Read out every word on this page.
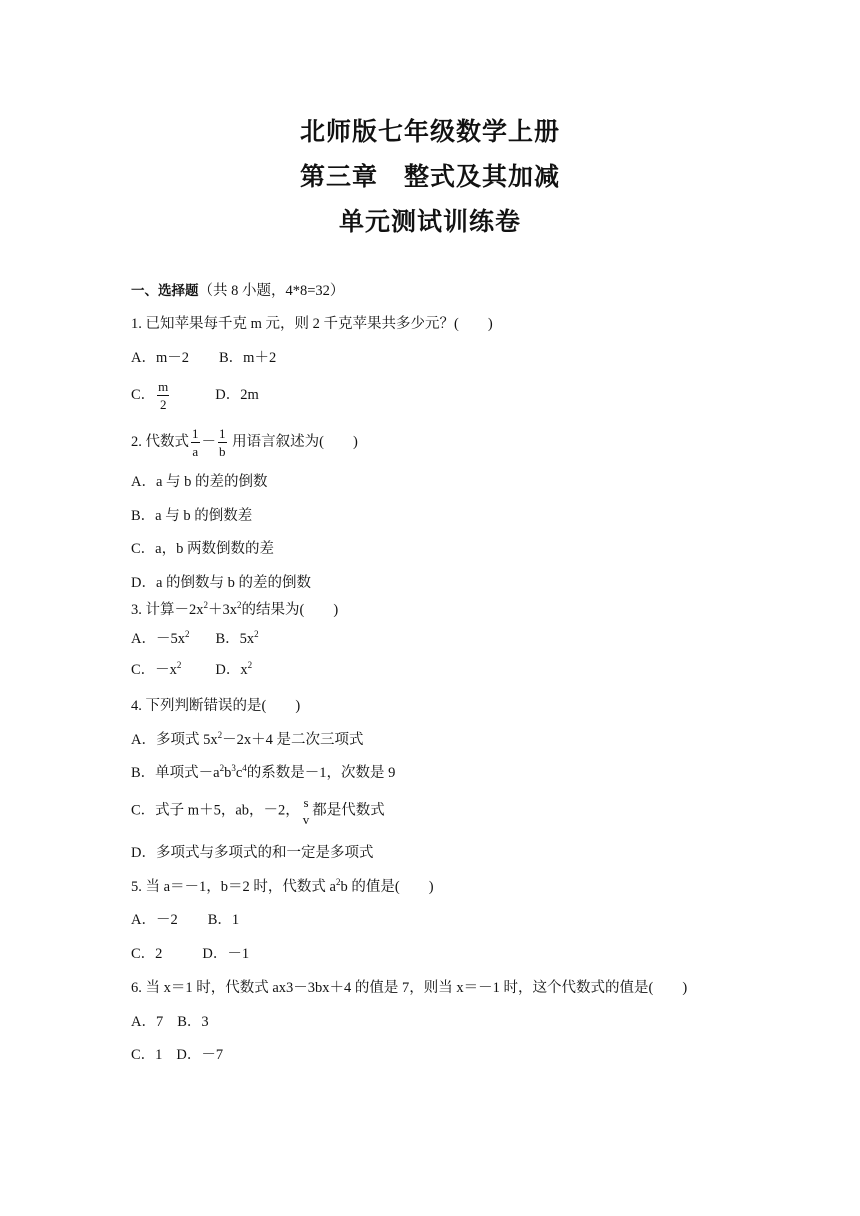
北师版七年级数学上册
第三章　整式及其加减
单元测试训练卷
一、选择题（共 8 小题，4*8=32）
1. 已知苹果每千克 m 元，则 2 千克苹果共多少元？(　　)
A．m－2 B．m＋2
C． $\frac{m}{2}$	D．2m
2. 代数式 $\frac{1}{a} - \frac{1}{b}$ 用语言叙述为(　　)
A．a 与 b 的差的倒数
B．a 与 b 的倒数差
C．a，b 两数倒数的差
D．a 的倒数与 b 的差的倒数
3. 计算$-2x^2+3x^2$的结果为(　　)
A．$-5x^2$ B．$5x^2$
C．$-x^2$ D．$x^2$
4. 下列判断错误的是(　　)
A．多项式 $5x^2-2x+4$ 是二次三项式
B．单项式$-a^2b^3c^4$的系数是－1，次数是 9
C．式子 m＋5，ab，－2， s
v
都是代数式
D．多项式与多项式的和一定是多项式
5. 当 a＝－1，b＝2 时，代数式 $a^2b$ 的值是(　　)
A．－2 B．1
C．2	D．－1
6. 当 x＝1 时，代数式 ax3－3bx＋4 的值是 7，则当 x＝－1 时，这个代数式的值是(　　)
A．7 B．3
C．1 D．－7
